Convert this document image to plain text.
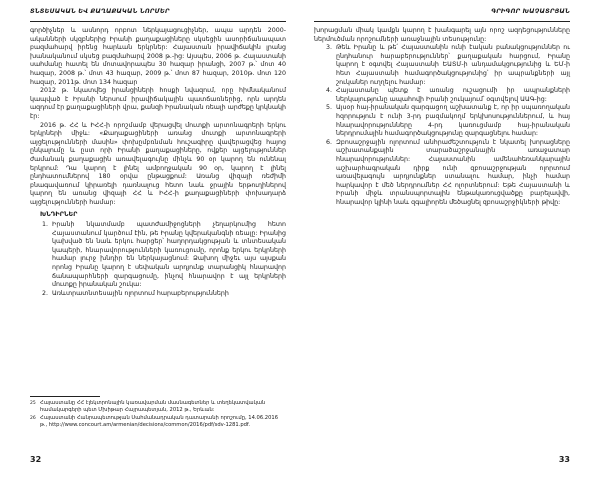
ՏՆՏԵՍԱԿԱՆ ԵՎ ՔԱՂԱՔԱԿԱՆ ՆՈՐՄԵՐ

գործիչներ և ասնորդ որբոտ ներկայացուցիչներ, ապա արդեն 2000-ականների սկզբներից Իրանի քաղաքացիները սկսեցին ասորիճանապատ բազմահարվ իրենց հարևան երկրներ: Հայաստան իրավիճակին լրանց խանականում սկսեց բազմահարվ 2008 թ.-ից: Այսպես, 2006 թ. Հայաստանի սահմանը հատել են մոտավորապես 30 հազար իրանցի, 2007 թ.՝ մոտ 40 հազար, 2008 թ.՝ մոտ 43 հազար, 2009 թ.՝ մոտ 87 հազար, 2010թ. մոտ 120 հազար, 2011թ. մոտ 134 հազար

2012 թ. նկատվեց իրանցիների հոսքի նվազում, որը հիմնականում կապված է Իրանի ներսում իրավիճակային պատճառներից, որն արդեն ազդում էր քաղաքացիների վրա, քանզի Իրանական ռեալի արժեքը կրկնակի էր:

2016 թ. ՀՀ և ԻՀՀ-ի որոշմամբ վերացվել մուտքի արտոնագրերի երկու երկրների միջև: «Քաղաքացիների առանց մուտքի արտոնագրերի այցելությունների մասին» փոխըմբռնման հուշագիրը վավերացվեց հայոց ընկալումը և ըստ որի Իրանի քաղաքացիները, ովքեր այցելություններ ժամանակ քաղաքացին առավելագույնը մինչև 90 օր կարող են ունենալ երկրում: Դա կարող է լինել ամբողջական 90 օր, կարող է լինել ընդհատումներով 180 օրվա ընթացքում: Առանց վիզայի ռեժիմի բնագավառում կիրառելի դառնալուց հետո նաև ջրային երթուղիներով կարող են առանց վիզայի ՀՀ և ԻՀՀ-ի քաղաքացիների փոխադարձ այցելությունների համար:

ԽՆԴԻՐՆԵՐ
1. Իրանի նկատմամբ պատժամիջոցների չեղարկումից հետո Հայաստանում կարծում էին, թե Իրանը կվերականգնի ռեալը: Իրանից կախված են նաև երկու հարցեր՝ հաղորդակցության և տնտեսական կապերի, հնարավորությունների կառուցումը, որոնք երկու երկրների համար լուրջ խնդիր են ներկայացնում: Ձախող միջեւ այս այսքան որոնց Իրանը կարող է սեփական արդյունք տարանցիկ հնարավոր ճանապարհների զարգացումը, ինչով հնարավոր է այլ երկրների մուտքը իրանական շուկա:
2. Առևտրատնտեսային ոլորտում հարաբերությունների
25 Հայաստանը ՀՀ էլեկտրոնային կառավարման մասնագետներ և տեղեկատվական համակարգերի պետ Մխիթար Հայրապետյան, 2012 թ., Երևան:
26 Հայաստանի Հանրապետության Սահմանադրական դատարանի որոշումը, 14.06.2016 թ., http://www.concourt.am/armenian/decisions/common/2016/pdf/sdv-1281.pdf.
32
ԳՐԻԳՈՐ ԽԱՉԱՏՐՅԱՆ

խորացման միակ կամքն կարող է խանգարել այն որոշ ազդեցությունները ներմուծման որոշումների առաջնային տեսությունը:

3. Թեև Իրանը և թե՛ Հայաստանին ունի էական բանակցություններ ու ընդհանուր հարաբերություններ՝ քաղաքական հարցում, Իրանը կարող է օգտվել Հայաստանի ԵԱՏՄ-ի անդամակցությունից և ԵՄ-ի հետ Հայաստանի համագործակցությունից՝ իր ապրանքների այլ շուկաներ ուղղելու համար:
4. Հայաստանը պետք է առանց ուշացումի իր ապրանքների ներկայությունը ապահովի Իրանի շուկայում՝ օգտվելով ԱԱԳ-ից:
5. Այսօր հայ-իրանական զարգացող աշխատանք է, որ իր սպառողական հզորություն է ունի 3-րդ բազմակողմ երկխոսություններում, և հայ հնարավորությունները 4-րդ կառուցմամբ հայ-իրանական ներդրումային համագործակցությունը զարգացնելու համար:
6. Զբոսաշրջային ոլորտում անհրաժեշտություն է նկատել խորացները աշխատանքային տարածաշրջանային առաջատար հնարավորություններ: Հայաստանին ամենահեռանկարային աշխարհագրական դիրք ունի զբոսաշրջության ոլորտում առավելագույն արդյունքներ ստանալու համար, ինչի համար հարկավոր է մեծ ներդրումներ ՀՀ ոլորտներում: Եթե Հայաստանի և Իրանի միջև տրանսպորտային ենթակառուցվածքը բարելավվի, հնարավոր կլինի նաև զգալիորեն մեծացնել զբոսաշրջիկների թիվը:
33
